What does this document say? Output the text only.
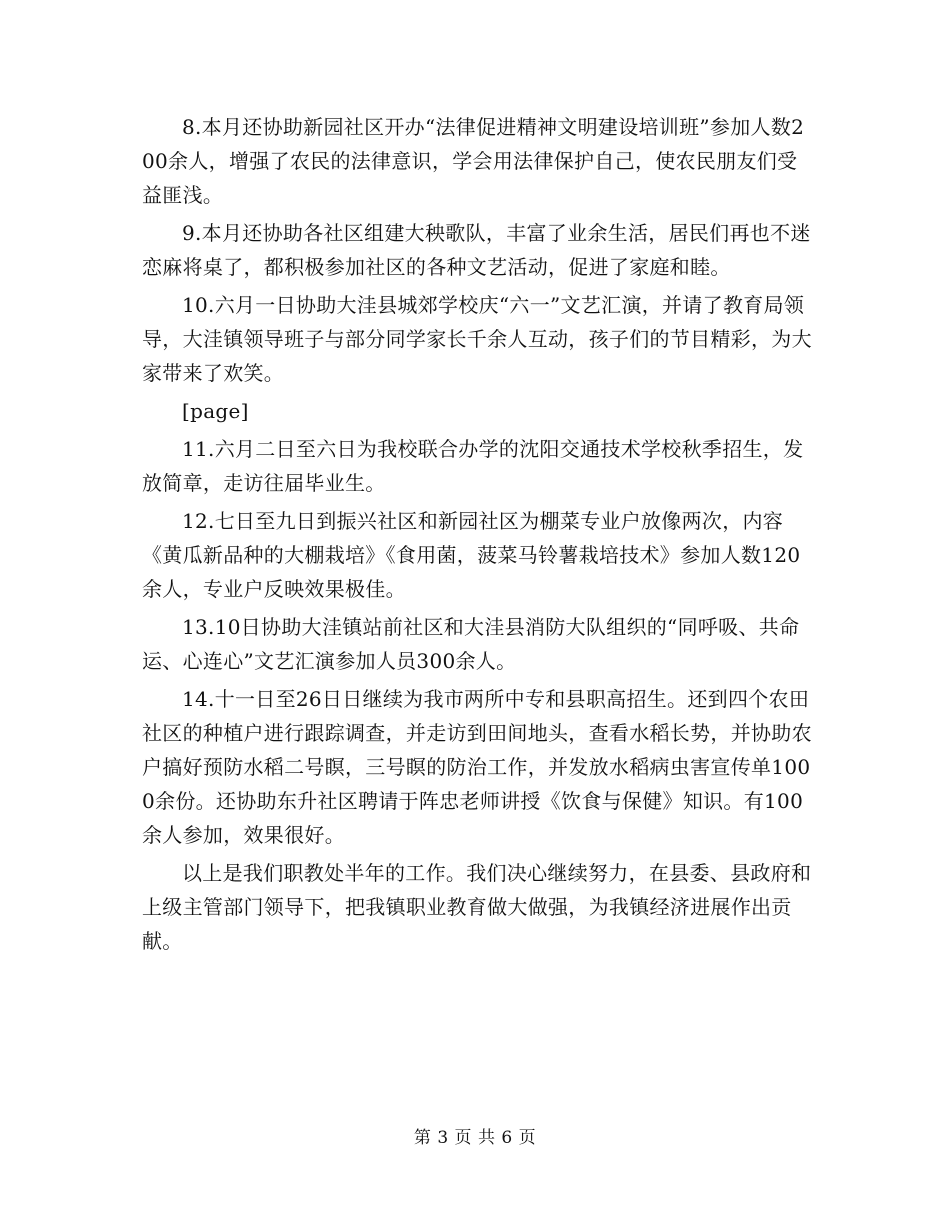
8.本月还协助新园社区开办“法律促进精神文明建设培训班”参加人数200余人，增强了农民的法律意识，学会用法律保护自己，使农民朋友们受益匪浅。

9.本月还协助各社区组建大秧歌队，丰富了业余生活，居民们再也不迷恋麻将桌了，都积极参加社区的各种文艺活动，促进了家庭和睦。

10.六月一日协助大洼县城郊学校庆“六一”文艺汇演，并请了教育局领导，大洼镇领导班子与部分同学家长千余人互动，孩子们的节目精彩，为大家带来了欢笑。

[page]

11.六月二日至六日为我校联合办学的沈阳交通技术学校秋季招生，发放简章，走访往届毕业生。

12.七日至九日到振兴社区和新园社区为棚菜专业户放像两次，内容《黄瓜新品种的大棚栽培》《食用菌，菠菜马铃薯栽培技术》参加人数120余人，专业户反映效果极佳。

13.10日协助大洼镇站前社区和大洼县消防大队组织的“同呼吸、共命运、心连心”文艺汇演参加人员300余人。

14.十一日至26日日继续为我市两所中专和县职高招生。还到四个农田社区的种植户进行跟踪调查，并走访到田间地头，查看水稻长势，并协助农户搞好预防水稻二号瞑，三号瞑的防治工作，并发放水稻病虫害宣传单1000余份。还协助东升社区聘请于阵忠老师讲授《饮食与保健》知识。有100余人参加，效果很好。

以上是我们职教处半年的工作。我们决心继续努力，在县委、县政府和上级主管部门领导下，把我镇职业教育做大做强，为我镇经济进展作出贡献。

第 3 页 共 6 页
